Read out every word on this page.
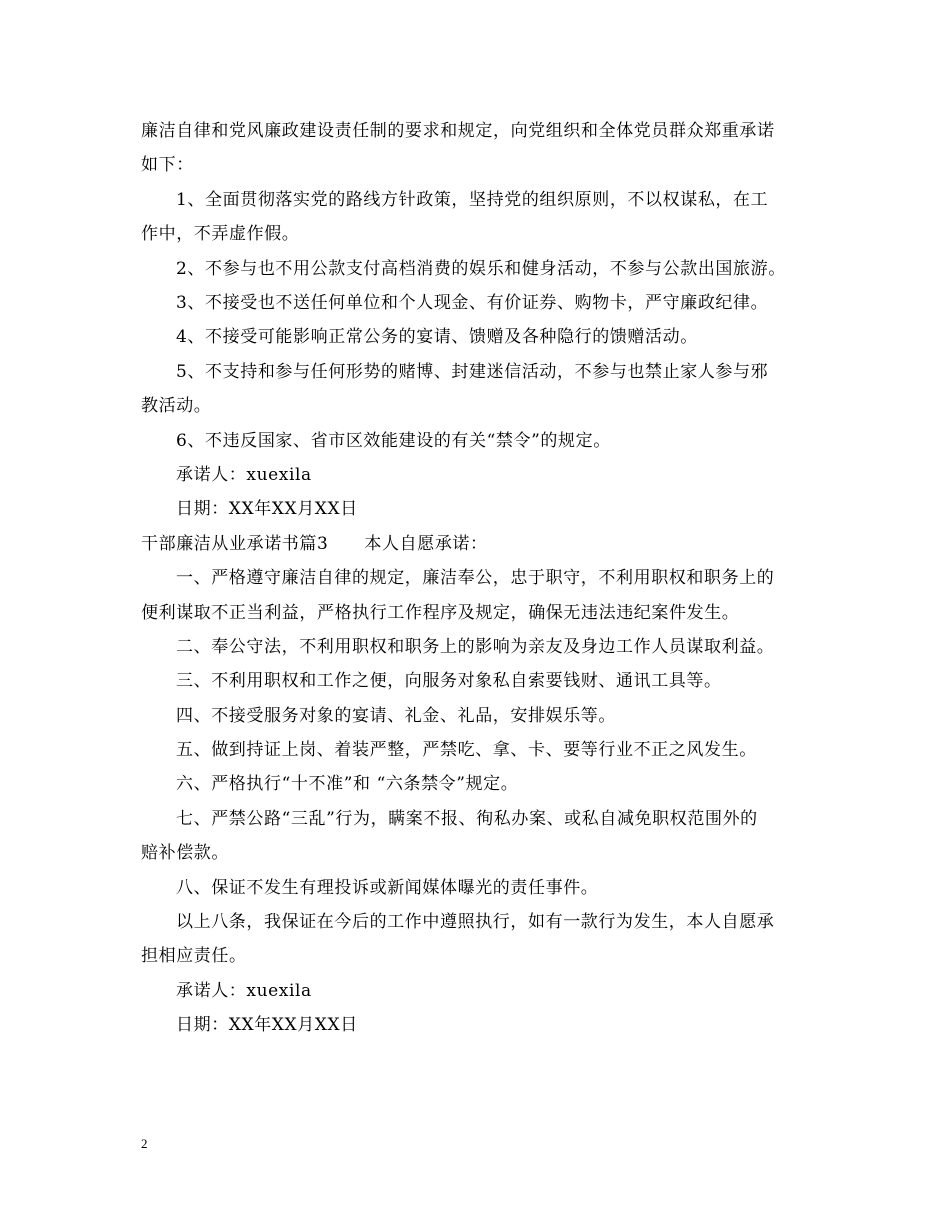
廉洁自律和党风廉政建设责任制的要求和规定，向党组织和全体党员群众郑重承诺
如下：
1、全面贯彻落实党的路线方针政策，坚持党的组织原则，不以权谋私，在工
作中，不弄虚作假。
2、不参与也不用公款支付高档消费的娱乐和健身活动，不参与公款出国旅游。
3、不接受也不送任何单位和个人现金、有价证券、购物卡，严守廉政纪律。
4、不接受可能影响正常公务的宴请、馈赠及各种隐行的馈赠活动。
5、不支持和参与任何形势的赌博、封建迷信活动，不参与也禁止家人参与邪
教活动。
6、不违反国家、省市区效能建设的有关“禁令”的规定。
承诺人：xuexila
日期：XX年XX月XX日
干部廉洁从业承诺书篇3 本人自愿承诺：
一、严格遵守廉洁自律的规定，廉洁奉公，忠于职守，不利用职权和职务上的
便利谋取不正当利益，严格执行工作程序及规定，确保无违法违纪案件发生。
二、奉公守法，不利用职权和职务上的影响为亲友及身边工作人员谋取利益。
三、不利用职权和工作之便，向服务对象私自索要钱财、通讯工具等。
四、不接受服务对象的宴请、礼金、礼品，安排娱乐等。
五、做到持证上岗、着装严整，严禁吃、拿、卡、要等行业不正之风发生。
六、严格执行“十不准”和 “六条禁令”规定。
七、严禁公路“三乱”行为，瞒案不报、徇私办案、或私自减免职权范围外的
赔补偿款。
八、保证不发生有理投诉或新闻媒体曝光的责任事件。
以上八条，我保证在今后的工作中遵照执行，如有一款行为发生，本人自愿承
担相应责任。
承诺人：xuexila
日期：XX年XX月XX日
2
